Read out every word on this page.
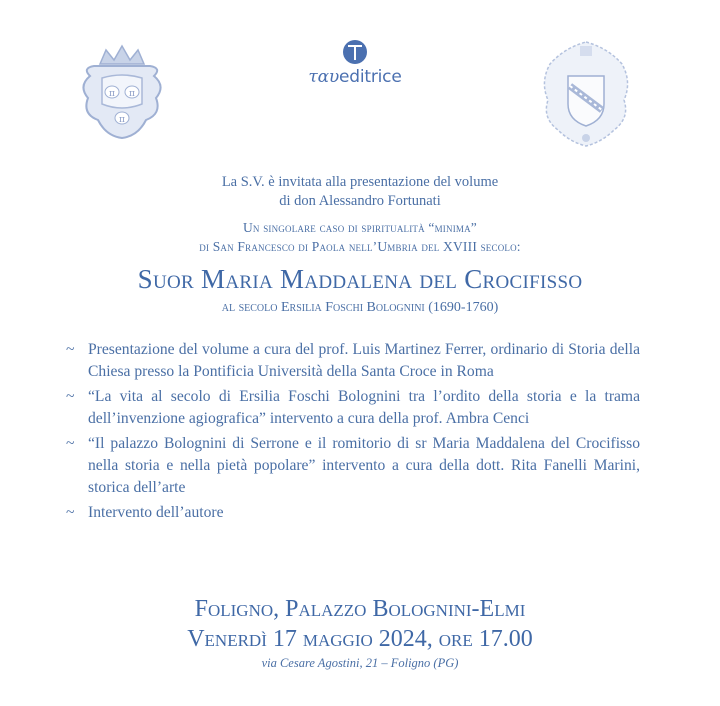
π π
π
ταυeditrice
La S.V. è invitata alla presentazione del volume
di don Alessandro Fortunati
Un singolare caso di spiritualità “minima”
di San Francesco di Paola nell’Umbria del XVIII secolo:
Suor Maria Maddalena del Crocifisso
al secolo Ersilia Foschi Bolognini (1690-1760)
~ Presentazione del volume a cura del prof. Luis Martinez Ferrer, ordinario di Storia della Chiesa presso la Pontificia Università della Santa Croce in Roma
~ “La vita al secolo di Ersilia Foschi Bolognini tra l’ordito della storia e la trama dell’invenzione agiografica” intervento a cura della prof. Ambra Cenci
~ “Il palazzo Bolognini di Serrone e il romitorio di sr Maria Maddalena del Crocifisso nella storia e nella pietà popolare” intervento a cura della dott. Rita Fanelli Marini, storica dell’arte
~ Intervento dell’autore
Foligno, Palazzo Bolognini-Elmi
Venerdì 17 maggio 2024, ore 17.00
via Cesare Agostini, 21 – Foligno (PG)
